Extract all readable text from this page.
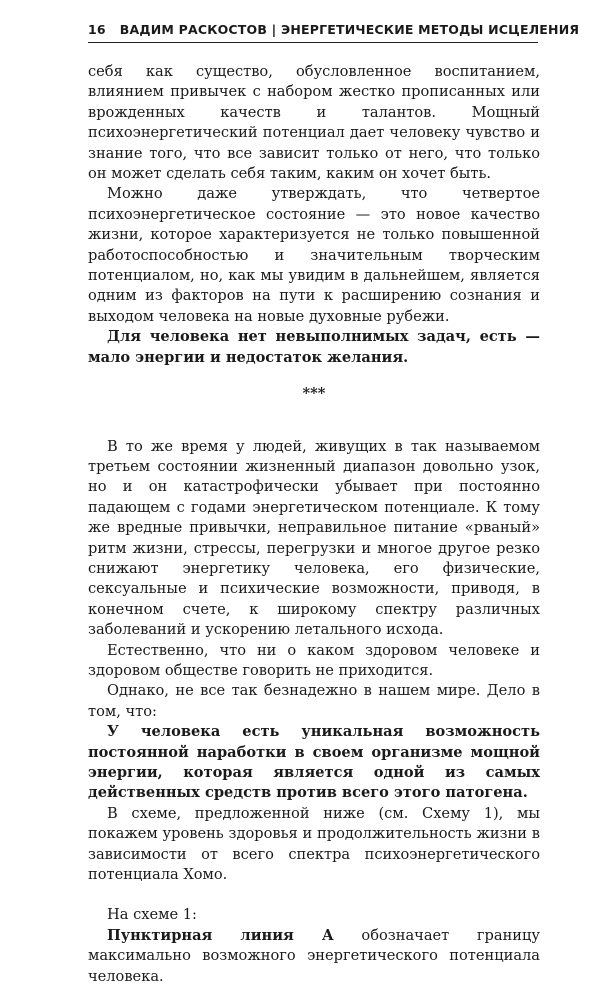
16 ВАДИМ РАСКОСТОВ | ЭНЕРГЕТИЧЕСКИЕ МЕТОДЫ ИСЦЕЛЕНИЯ

себя как существо, обусловленное воспитанием, влиянием привычек с набором жестко прописанных или врожденных качеств и талантов. Мощный психоэнергетический потенциал дает человеку чувство и знание того, что все зависит только от него, что только он может сделать себя таким, каким он хочет быть.

Можно даже утверждать, что четвертое психоэнергетическое состояние — это новое качество жизни, которое характеризуется не только повышенной работоспособностью и значительным творческим потенциалом, но, как мы увидим в дальнейшем, является одним из факторов на пути к расширению сознания и выходом человека на новые духовные рубежи.

Для человека нет невыполнимых задач, есть — мало энергии и недостаток желания.

***

В то же время у людей, живущих в так называемом третьем состоянии жизненный диапазон довольно узок, но и он катастрофически убывает при постоянно падающем с годами энергетическом потенциале. К тому же вредные привычки, неправильное питание «рваный» ритм жизни, стрессы, перегрузки и многое другое резко снижают энергетику человека, его физические, сексуальные и психические возможности, приводя, в конечном счете, к широкому спектру различных заболеваний и ускорению летального исхода.

Естественно, что ни о каком здоровом человеке и здоровом обществе говорить не приходится.

Однако, не все так безнадежно в нашем мире. Дело в том, что:

У человека есть уникальная возможность постоянной наработки в своем организме мощной энергии, которая является одной из самых действенных средств против всего этого патогена.

В схеме, предложенной ниже (см. Схему 1), мы покажем уровень здоровья и продолжительность жизни в зависимости от всего спектра психоэнергетического потенциала Хомо.

На схеме 1:

Пунктирная линия А обозначает границу максимально возможного энергетического потенциала человека.
